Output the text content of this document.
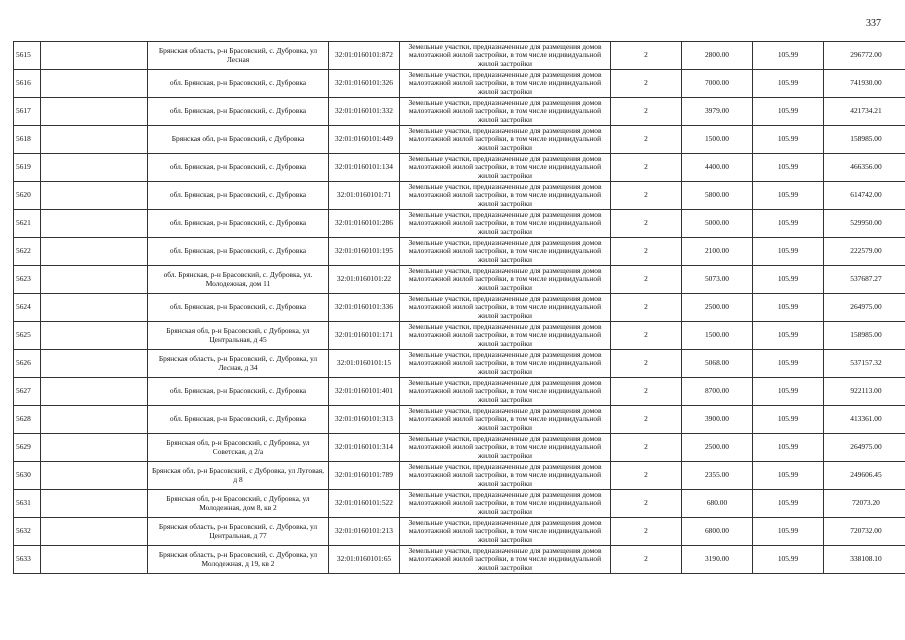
337
5615		Брянская область, р-н Брасовский, с. Дубровка, ул Лесная	32:01:0160101:872	Земельные участки, предназначенные для размещения домов малоэтажной жилой застройки, в том числе индивидуальной жилой застройки	2	2800.00	105.99	296772.00
5616		обл. Брянская, р-н Брасовский, с. Дубровка	32:01:0160101:326	Земельные участки, предназначенные для размещения домов малоэтажной жилой застройки, в том числе индивидуальной жилой застройки	2	7000.00	105.99	741930.00
5617		обл. Брянская, р-н Брасовский, с. Дубровка	32:01:0160101:332	Земельные участки, предназначенные для размещения домов малоэтажной жилой застройки, в том числе индивидуальной жилой застройки	2	3979.00	105.99	421734.21
5618		Брянская обл, р-н Брасовский, с Дубровка	32:01:0160101:449	Земельные участки, предназначенные для размещения домов малоэтажной жилой застройки, в том числе индивидуальной жилой застройки	2	1500.00	105.99	158985.00
5619		обл. Брянская, р-н Брасовский, с. Дубровка	32:01:0160101:134	Земельные участки, предназначенные для размещения домов малоэтажной жилой застройки, в том числе индивидуальной жилой застройки	2	4400.00	105.99	466356.00
5620		обл. Брянская, р-н Брасовский, с. Дубровка	32:01:0160101:71	Земельные участки, предназначенные для размещения домов малоэтажной жилой застройки, в том числе индивидуальной жилой застройки	2	5800.00	105.99	614742.00
5621		обл. Брянская, р-н Брасовский, с. Дубровка	32:01:0160101:286	Земельные участки, предназначенные для размещения домов малоэтажной жилой застройки, в том числе индивидуальной жилой застройки	2	5000.00	105.99	529950.00
5622		обл. Брянская, р-н Брасовский, с. Дубровка	32:01:0160101:195	Земельные участки, предназначенные для размещения домов малоэтажной жилой застройки, в том числе индивидуальной жилой застройки	2	2100.00	105.99	222579.00
5623		обл. Брянская, р-н Брасовский, с. Дубровка, ул. Молодежная, дом 11	32:01:0160101:22	Земельные участки, предназначенные для размещения домов малоэтажной жилой застройки, в том числе индивидуальной жилой застройки	2	5073.00	105.99	537687.27
5624		обл. Брянская, р-н Брасовский, с. Дубровка	32:01:0160101:336	Земельные участки, предназначенные для размещения домов малоэтажной жилой застройки, в том числе индивидуальной жилой застройки	2	2500.00	105.99	264975.00
5625		Брянская обл, р-н Брасовский, с Дубровка, ул Центральная, д 45	32:01:0160101:171	Земельные участки, предназначенные для размещения домов малоэтажной жилой застройки, в том числе индивидуальной жилой застройки	2	1500.00	105.99	158985.00
5626		Брянская область, р-н Брасовский, с. Дубровка, ул Лесная, д 34	32:01:0160101:15	Земельные участки, предназначенные для размещения домов малоэтажной жилой застройки, в том числе индивидуальной жилой застройки	2	5068.00	105.99	537157.32
5627		обл. Брянская, р-н Брасовский, с. Дубровка	32:01:0160101:401	Земельные участки, предназначенные для размещения домов малоэтажной жилой застройки, в том числе индивидуальной жилой застройки	2	8700.00	105.99	922113.00
5628		обл. Брянская, р-н Брасовский, с. Дубровка	32:01:0160101:313	Земельные участки, предназначенные для размещения домов малоэтажной жилой застройки, в том числе индивидуальной жилой застройки	2	3900.00	105.99	413361.00
5629		Брянская обл, р-н Брасовский, с Дубровка, ул Советская, д 2/а	32:01:0160101:314	Земельные участки, предназначенные для размещения домов малоэтажной жилой застройки, в том числе индивидуальной жилой застройки	2	2500.00	105.99	264975.00
5630		Брянская обл, р-н Брасовский, с Дубровка, ул Луговая, д 8	32:01:0160101:789	Земельные участки, предназначенные для размещения домов малоэтажной жилой застройки, в том числе индивидуальной жилой застройки	2	2355.00	105.99	249606.45
5631		Брянская обл, р-н Брасовский, с Дубровка, ул Молодежная, дом 8, кв 2	32:01:0160101:522	Земельные участки, предназначенные для размещения домов малоэтажной жилой застройки, в том числе индивидуальной жилой застройки	2	680.00	105.99	72073.20
5632		Брянская область, р-н Брасовский, с. Дубровка, ул Центральная, д 77	32:01:0160101:213	Земельные участки, предназначенные для размещения домов малоэтажной жилой застройки, в том числе индивидуальной жилой застройки	2	6800.00	105.99	720732.00
5633		Брянская область, р-н Брасовский, с. Дубровка, ул Молодежная, д 19, кв 2	32:01:0160101:65	Земельные участки, предназначенные для размещения домов малоэтажной жилой застройки, в том числе индивидуальной жилой застройки	2	3190.00	105.99	338108.10
